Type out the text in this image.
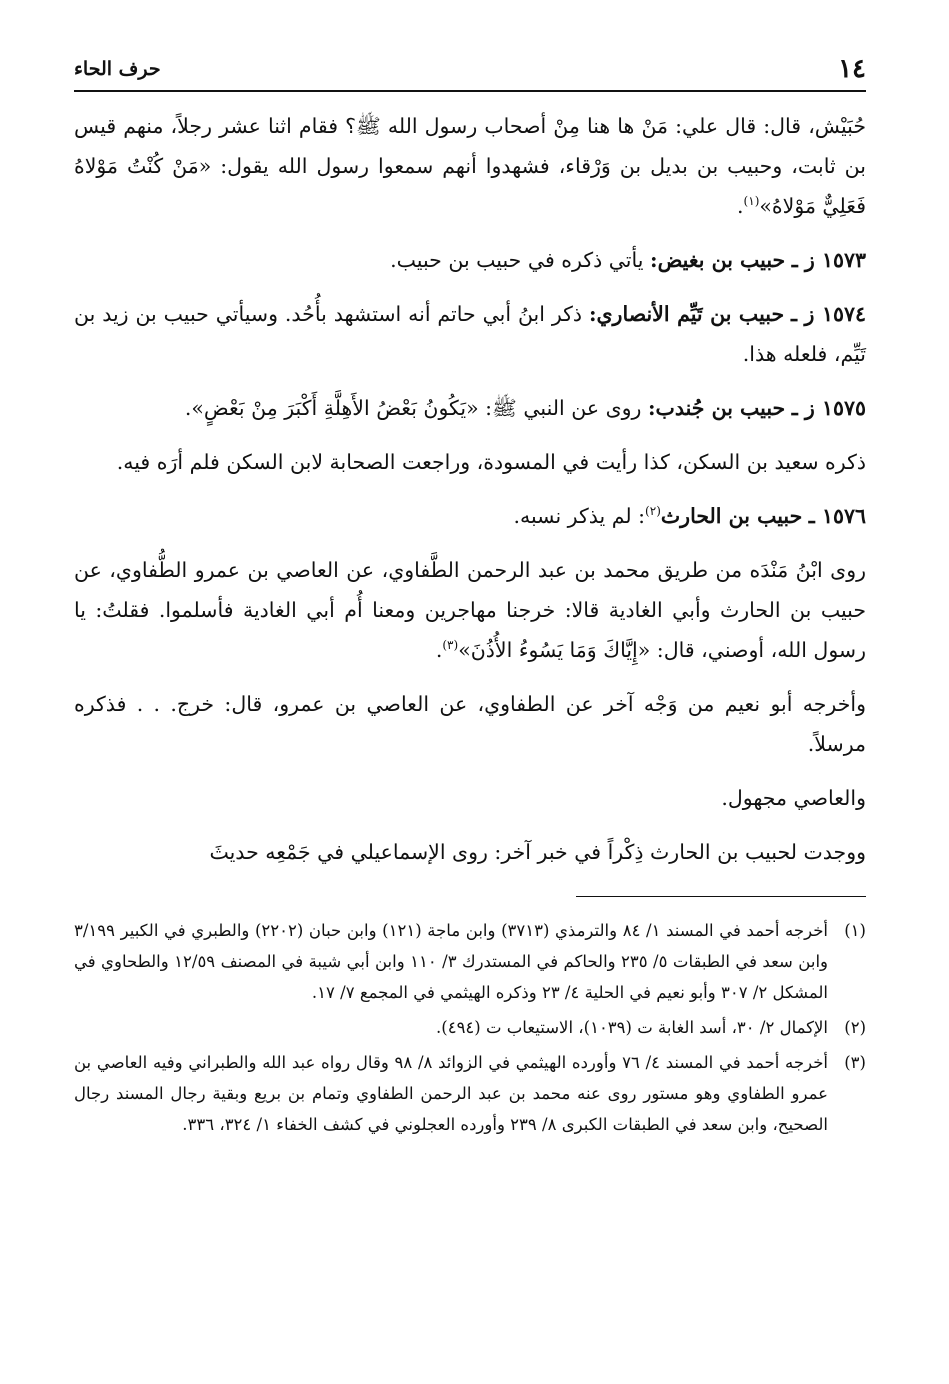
١٤
حرف الحاء

حُبَيْش، قال: قال علي: مَنْ ها هنا مِنْ أصحاب رسول الله ﷺ؟ فقام اثنا عشر رجلاً، منهم قيس بن ثابت، وحبيب بن بديل بن وَرْقاء، فشهدوا أنهم سمعوا رسول الله يقول: «مَنْ كُنْتُ مَوْلاهُ فَعَلِيٌّ مَوْلاهُ»$^{(١)}$.

١٥٧٣ ز ـ حبيب بن بغيض: يأتي ذكره في حبيب بن حبيب.

١٥٧٤ ز ـ حبيب بن تَيِّم الأنصاري: ذكر ابنُ أبي حاتم أنه استشهد بأُحُد. وسيأتي حبيب بن زيد بن تَيِّم، فلعله هذا.

١٥٧٥ ز ـ حبيب بن جُندب: روى عن النبي ﷺ: «يَكُونُ بَعْضُ الأَهِلَّةِ أَكْبَرَ مِنْ بَعْضٍ».

ذكره سعيد بن السكن، كذا رأيت في المسودة، وراجعت الصحابة لابن السكن فلم أرَه فيه.

١٥٧٦ ـ حبيب بن الحارث$^{(٢)}$: لم يذكر نسبه.

روى ابْنُ مَنْدَه من طريق محمد بن عبد الرحمن الطَّفاوي، عن العاصي بن عمرو الطُّفاوي، عن حبيب بن الحارث وأبي الغادية قالا: خرجنا مهاجرين ومعنا أُم أبي الغادية فأسلموا. فقلتُ: يا رسول الله، أوصني، قال: «إِيَّاكَ وَمَا يَسُوءُ الأُذُنَ»$^{(٣)}$.

وأخرجه أبو نعيم من وَجْه آخر عن الطفاوي، عن العاصي بن عمرو، قال: خرج. . . فذكره مرسلاً.

والعاصي مجهول.

ووجدت لحبيب بن الحارث ذِكْراً في خبر آخر: روى الإسماعيلي في جَمْعِه حديثَ

(١)أخرجه أحمد في المسند ١/ ٨٤ والترمذي (٣٧١٣) وابن ماجة (١٢١) وابن حبان (٢٢٠٢) والطبري في الكبير ٣/١٩٩ وابن سعد في الطبقات ٥/ ٢٣٥ والحاكم في المستدرك ٣/ ١١٠ وابن أبي شيبة في المصنف ١٢/٥٩ والطحاوي في المشكل ٢/ ٣٠٧ وأبو نعيم في الحلية ٤/ ٢٣ وذكره الهيثمي في المجمع ٧/ ١٧.

(٢)الإكمال ٢/ ٣٠، أسد الغابة ت (١٠٣٩)، الاستيعاب ت (٤٩٤).

(٣)أخرجه أحمد في المسند ٤/ ٧٦ وأورده الهيثمي في الزوائد ٨/ ٩٨ وقال رواه عبد الله والطبراني وفيه العاصي بن عمرو الطفاوي وهو مستور روى عنه محمد بن عبد الرحمن الطفاوي وتمام بن بريع وبقية رجال المسند رجال الصحيح، وابن سعد في الطبقات الكبرى ٨/ ٢٣٩ وأورده العجلوني في كشف الخفاء ١/ ٣٢٤، ٣٣٦.
